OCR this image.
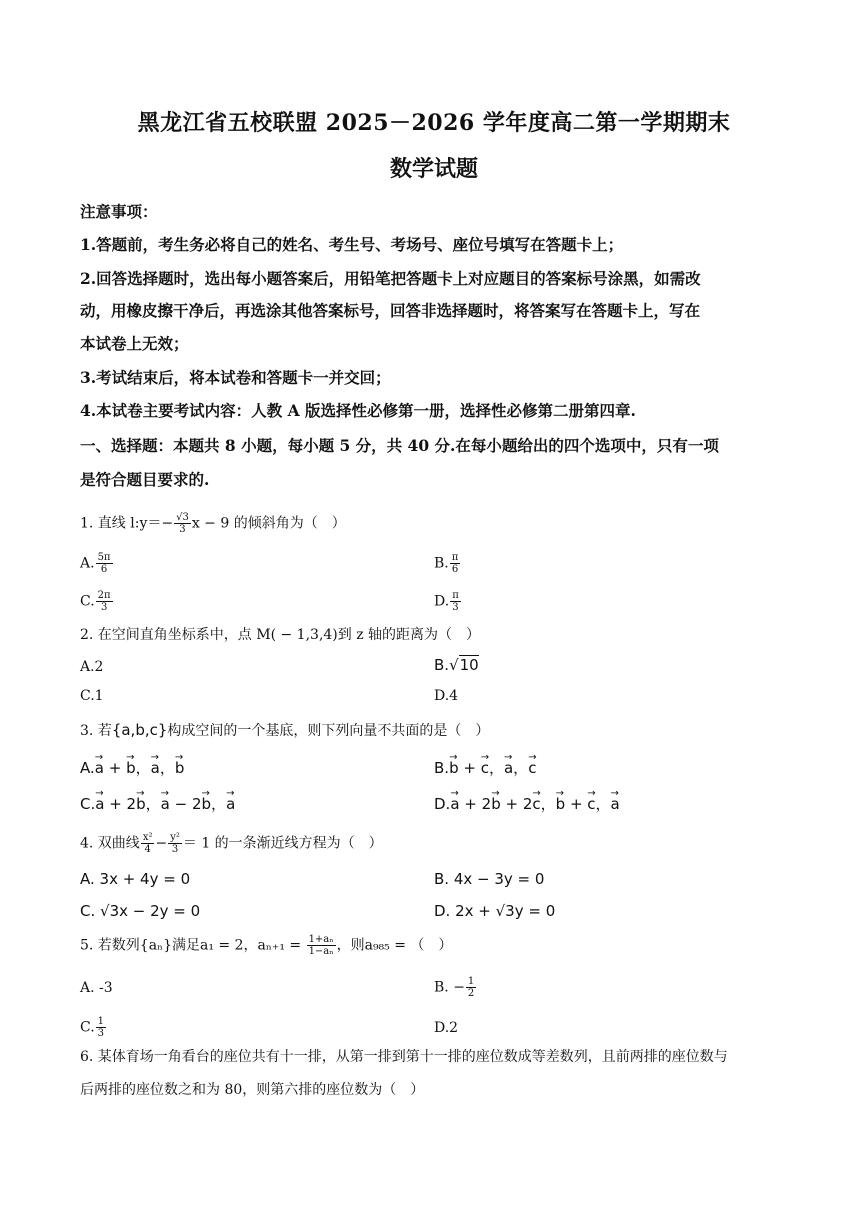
黑龙江省五校联盟 2025－2026 学年度高二第一学期期末
数学试题
注意事项：
1.答题前，考生务必将自己的姓名、考生号、考场号、座位号填写在答题卡上；
2.回答选择题时，选出每小题答案后，用铅笔把答题卡上对应题目的答案标号涂黑，如需改
动，用橡皮擦干净后，再选涂其他答案标号，回答非选择题时，将答案写在答题卡上，写在
本试卷上无效；
3.考试结束后，将本试卷和答题卡一并交回；
4.本试卷主要考试内容：人教 A 版选择性必修第一册，选择性必修第二册第四章.
一、选择题：本题共 8 小题，每小题 5 分，共 40 分.在每小题给出的四个选项中，只有一项
是符合题目要求的.
1. 直线 l:y＝− $\frac{√3}{3}$ x − 9 的倾斜角为（　）
A. $\frac{5\pi}{6}$	B. $\frac{\pi}{6}$
C. $\frac{2\pi}{3}$	D. $\frac{\pi}{3}$
2. 在空间直角坐标系中，点 M( − 1,3,4)到 z 轴的距离为（　）
A.2	B.√10
C.1	D.4
3. 若{a,b,c}构成空间的一个基底，则下列向量不共面的是（　）
A.→ a + → b，→ a，→ b	B.→ b + → c，→ a，→ c
C.→ a + 2→ b，→ a − 2→ b，→ a	D.→ a + 2→ b + 2→ c，→ b + → c，→ a
4. 双曲线 $\frac{\text{x²}}{4} - \frac{\text{y²}}{3} = 1$ 的一条渐近线方程为（　）
A. 3x + 4y = 0	B. 4x − 3y = 0
C. √3x − 2y = 0	D. 2x + √3y = 0
5. 若数列{aₙ}满足a₁ = 2，$a_{n+1} = \frac{\text{1+aₙ}}{\text{1−aₙ}}$ ，则a₉₈₅ = （　）
A. -3	B. − $\frac{1}{2}$
C. $\frac{1}{3}$	D.2
6. 某体育场一角看台的座位共有十一排，从第一排到第十一排的座位数成等差数列，且前两排的座位数与
后两排的座位数之和为 80，则第六排的座位数为（　）
